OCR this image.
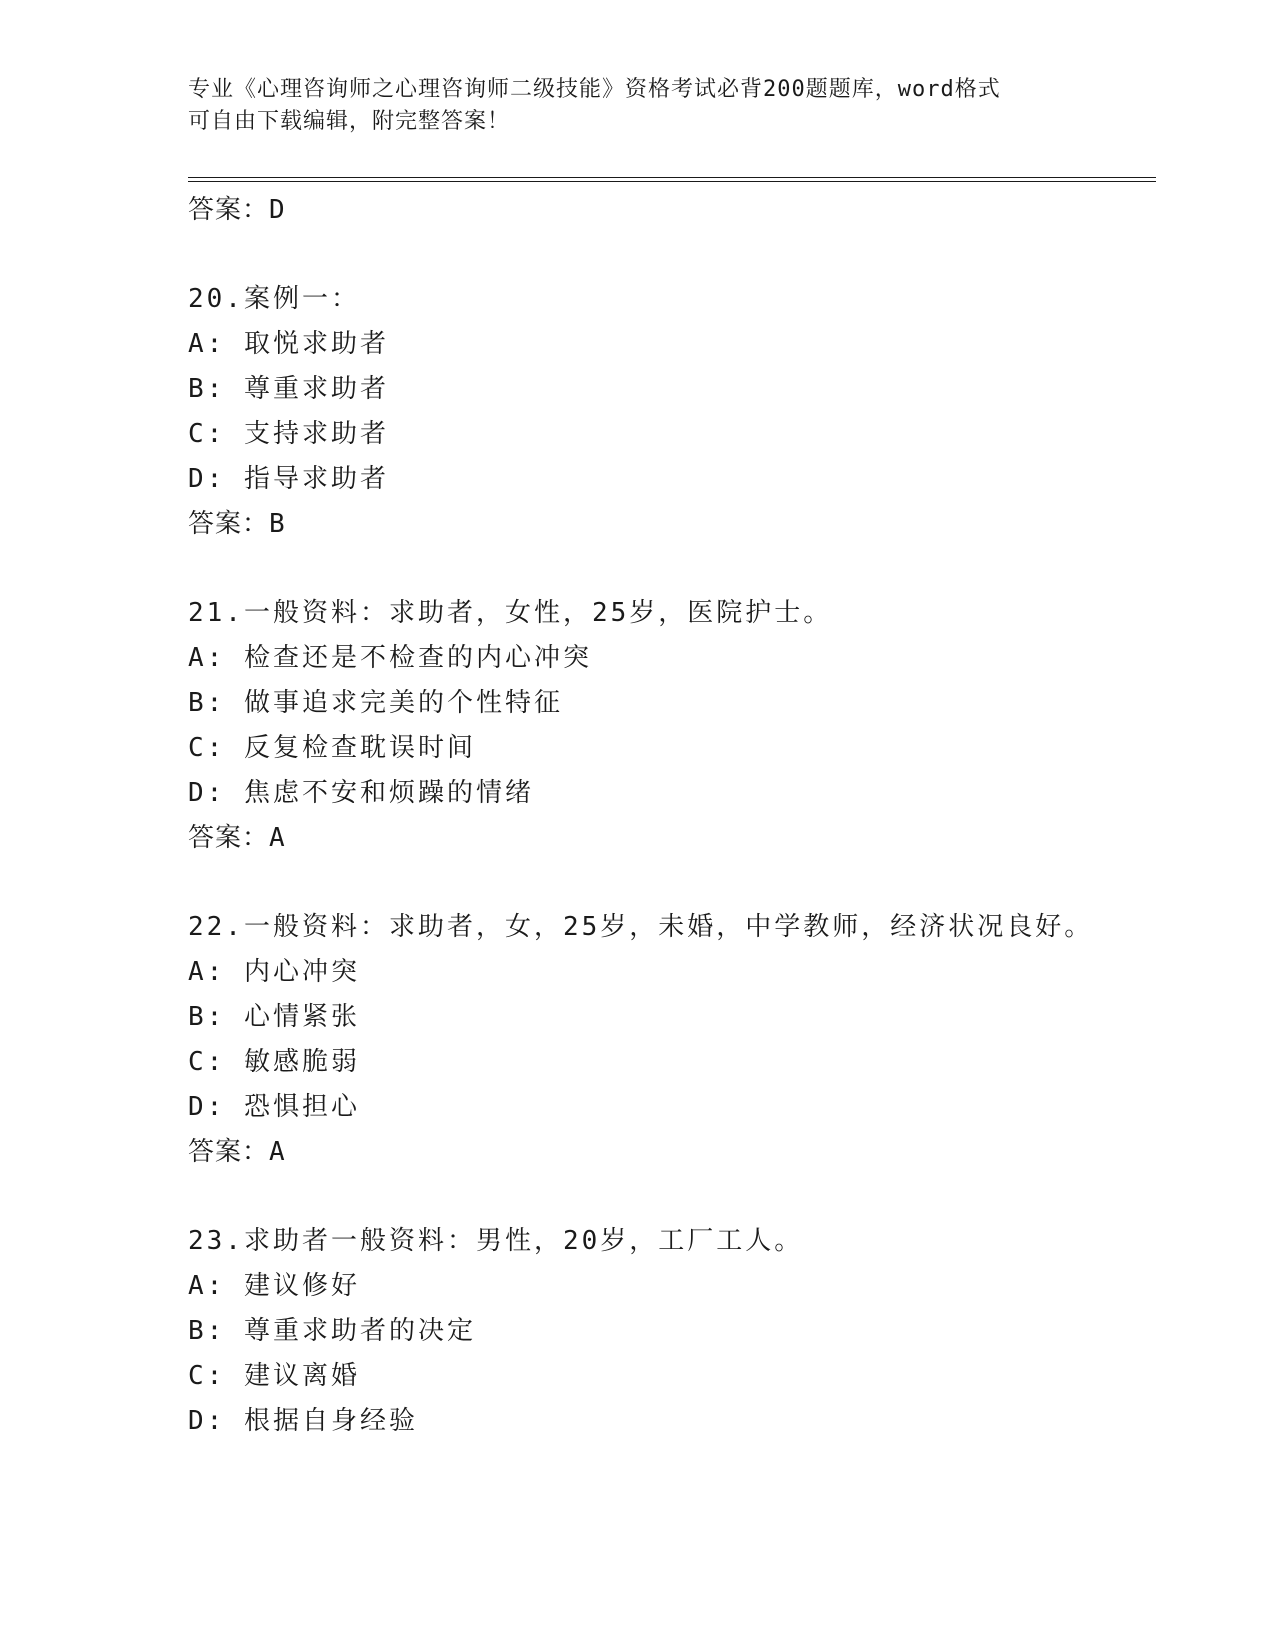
专业《心理咨询师之心理咨询师二级技能》资格考试必背200题题库，word格式

可自由下载编辑，附完整答案！

答案：D
20.案例一：
A: 取悦求助者
B: 尊重求助者
C: 支持求助者
D: 指导求助者
答案：B
21.一般资料：求助者，女性，25岁，医院护士。
A: 检查还是不检查的内心冲突
B: 做事追求完美的个性特征
C: 反复检查耽误时间
D: 焦虑不安和烦躁的情绪
答案：A
22.一般资料：求助者，女，25岁，未婚，中学教师，经济状况良好。
A: 内心冲突
B: 心情紧张
C: 敏感脆弱
D: 恐惧担心
答案：A
23.求助者一般资料：男性，20岁，工厂工人。
A: 建议修好
B: 尊重求助者的决定
C: 建议离婚
D: 根据自身经验
